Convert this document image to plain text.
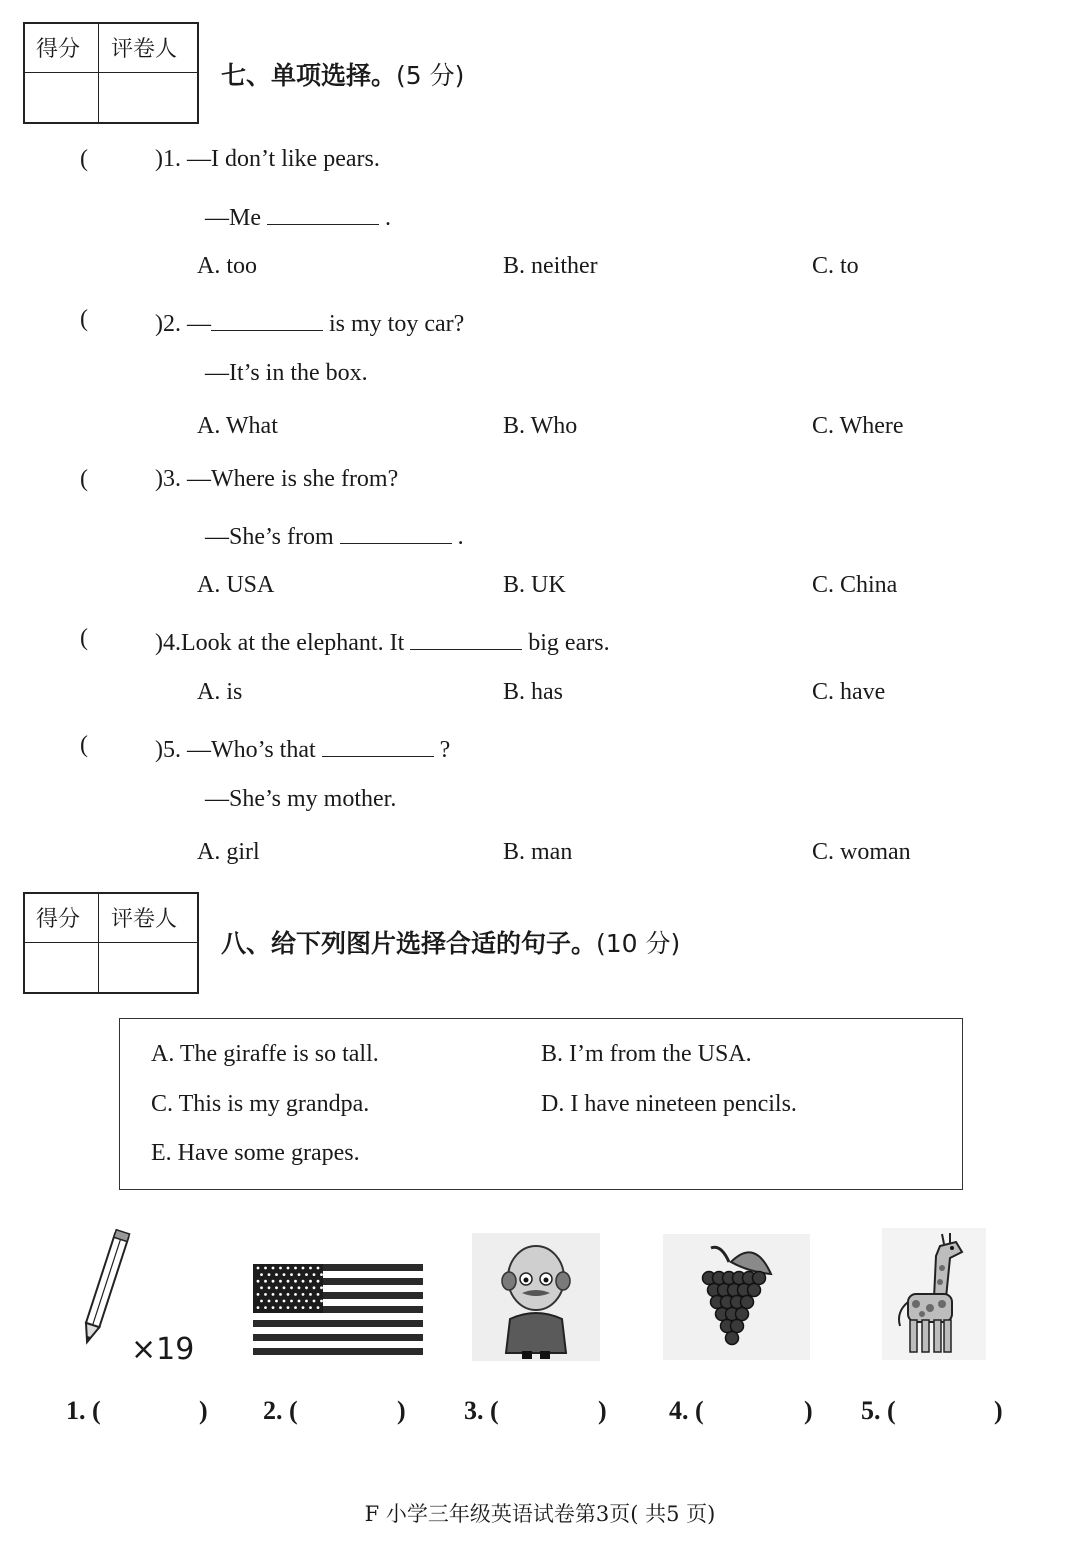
得分 评卷人
七、单项选择。(5 分)
(	)1. —I don’t like pears.
—Me	.
A. too	B. neither	C. to
(	)2. —	is my toy car?
—It’s in the box.
A. What	B. Who	C. Where
(	)3. —Where is she from?
—She’s from	.
A. USA	B. UK	C. China
(	)4.Look at the elephant. It	big ears.
A. is	B. has	C. have
(	)5. —Who’s that	?
—She’s my mother.
A. girl	B. man	C. woman
得分 评卷人
八、给下列图片选择合适的句子。(10 分)
A. The giraffe is so tall.	B. I’m from the USA.
C. This is my grandpa.	D. I have nineteen pencils.
E. Have some grapes.
×19
1. (	) 2. (	) 3. (	) 4. (	) 5. (	)
F 小学三年级英语试卷第3页( 共5 页)
